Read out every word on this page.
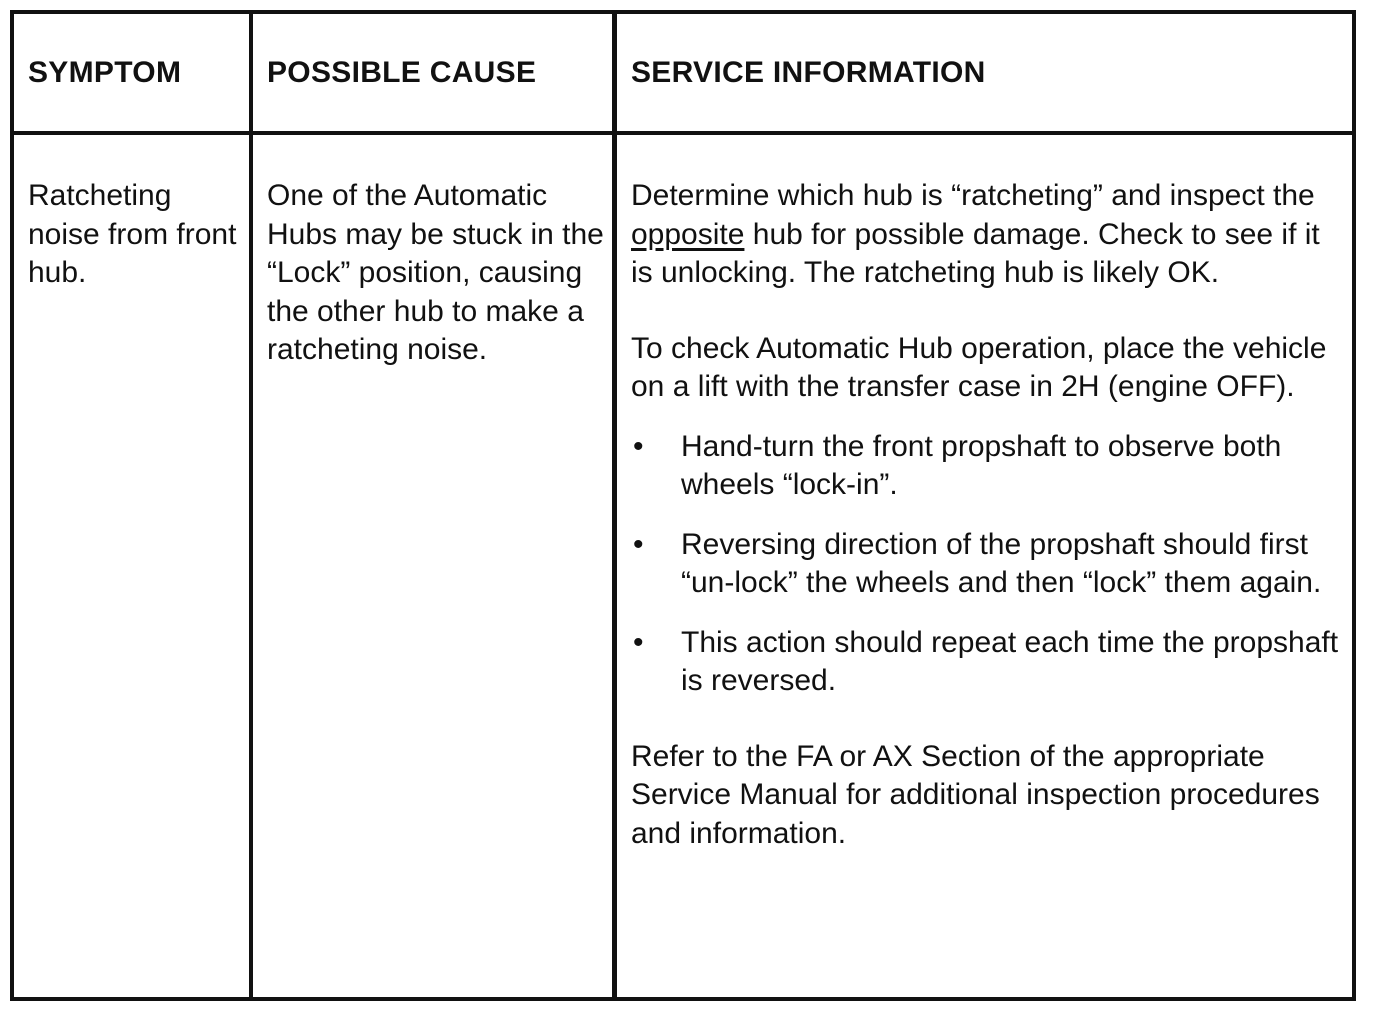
SYMPTOM	POSSIBLE CAUSE	SERVICE INFORMATION
Ratcheting noise from front hub.
One of the Automatic Hubs may be stuck in the “Lock” position, causing the other hub to make a ratcheting noise.

Determine which hub is “ratcheting” and inspect the opposite hub for possible damage. Check to see if it is unlocking. The ratcheting hub is likely OK.

To check Automatic Hub operation, place the vehicle on a lift with the transfer case in 2H (engine OFF).

• Hand-turn the front propshaft to observe both wheels “lock-in”.
• Reversing direction of the propshaft should first “un-lock” the wheels and then “lock” them again.
• This action should repeat each time the propshaft is reversed.

Refer to the FA or AX Section of the appropriate Service Manual for additional inspection procedures and information.
